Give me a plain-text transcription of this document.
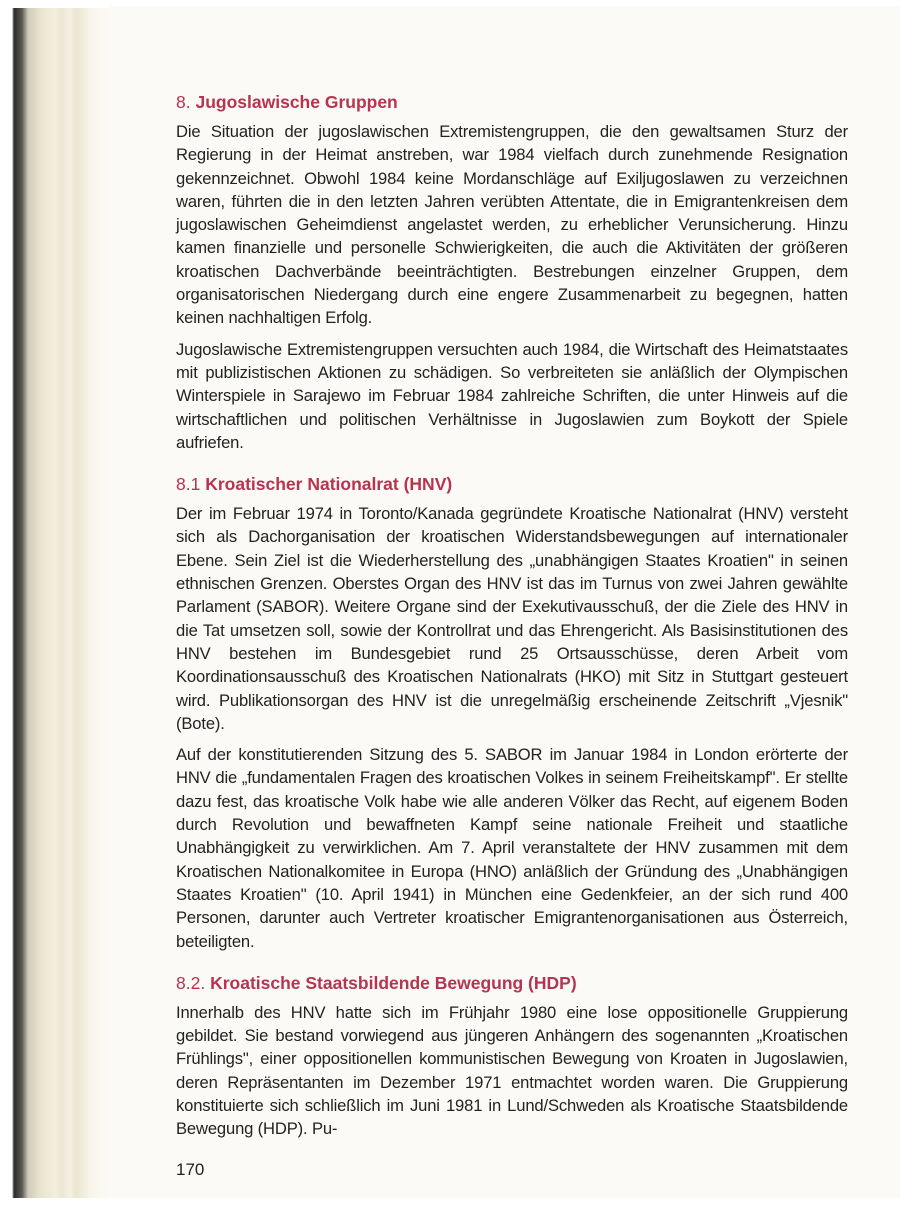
8. Jugoslawische Gruppen

Die Situation der jugoslawischen Extremistengruppen, die den gewaltsamen Sturz der Regierung in der Heimat anstreben, war 1984 vielfach durch zunehmende Resignation gekennzeichnet. Obwohl 1984 keine Mordanschläge auf Exiljugoslawen zu verzeichnen waren, führten die in den letzten Jahren verübten Attentate, die in Emigrantenkreisen dem jugoslawischen Geheimdienst angelastet werden, zu erheblicher Verunsicherung. Hinzu kamen finanzielle und personelle Schwierigkeiten, die auch die Aktivitäten der größeren kroatischen Dachverbände beeinträchtigten. Bestrebungen einzelner Gruppen, dem organisatorischen Niedergang durch eine engere Zusammenarbeit zu begegnen, hatten keinen nachhaltigen Erfolg.

Jugoslawische Extremistengruppen versuchten auch 1984, die Wirtschaft des Heimatstaates mit publizistischen Aktionen zu schädigen. So verbreiteten sie anläßlich der Olympischen Winterspiele in Sarajewo im Februar 1984 zahlreiche Schriften, die unter Hinweis auf die wirtschaftlichen und politischen Verhältnisse in Jugoslawien zum Boykott der Spiele aufriefen.

8.1 Kroatischer Nationalrat (HNV)

Der im Februar 1974 in Toronto/Kanada gegründete Kroatische Nationalrat (HNV) versteht sich als Dachorganisation der kroatischen Widerstandsbewegungen auf internationaler Ebene. Sein Ziel ist die Wiederherstellung des „unabhängigen Staates Kroatien" in seinen ethnischen Grenzen. Oberstes Organ des HNV ist das im Turnus von zwei Jahren gewählte Parlament (SABOR). Weitere Organe sind der Exekutivausschuß, der die Ziele des HNV in die Tat umsetzen soll, sowie der Kontrollrat und das Ehrengericht. Als Basisinstitutionen des HNV bestehen im Bundesgebiet rund 25 Ortsausschüsse, deren Arbeit vom Koordinationsausschuß des Kroatischen Nationalrats (HKO) mit Sitz in Stuttgart gesteuert wird. Publikationsorgan des HNV ist die unregelmäßig erscheinende Zeitschrift „Vjesnik" (Bote).

Auf der konstitutierenden Sitzung des 5. SABOR im Januar 1984 in London erörterte der HNV die „fundamentalen Fragen des kroatischen Volkes in seinem Freiheitskampf". Er stellte dazu fest, das kroatische Volk habe wie alle anderen Völker das Recht, auf eigenem Boden durch Revolution und bewaffneten Kampf seine nationale Freiheit und staatliche Unabhängigkeit zu verwirklichen. Am 7. April veranstaltete der HNV zusammen mit dem Kroatischen Nationalkomitee in Europa (HNO) anläßlich der Gründung des „Unabhängigen Staates Kroatien" (10. April 1941) in München eine Gedenkfeier, an der sich rund 400 Personen, darunter auch Vertreter kroatischer Emigrantenorganisationen aus Österreich, beteiligten.

8.2. Kroatische Staatsbildende Bewegung (HDP)

Innerhalb des HNV hatte sich im Frühjahr 1980 eine lose oppositionelle Gruppierung gebildet. Sie bestand vorwiegend aus jüngeren Anhängern des sogenannten „Kroatischen Frühlings", einer oppositionellen kommunistischen Bewegung von Kroaten in Jugoslawien, deren Repräsentanten im Dezember 1971 entmachtet worden waren. Die Gruppierung konstituierte sich schließlich im Juni 1981 in Lund/Schweden als Kroatische Staatsbildende Bewegung (HDP). Pu-

170
